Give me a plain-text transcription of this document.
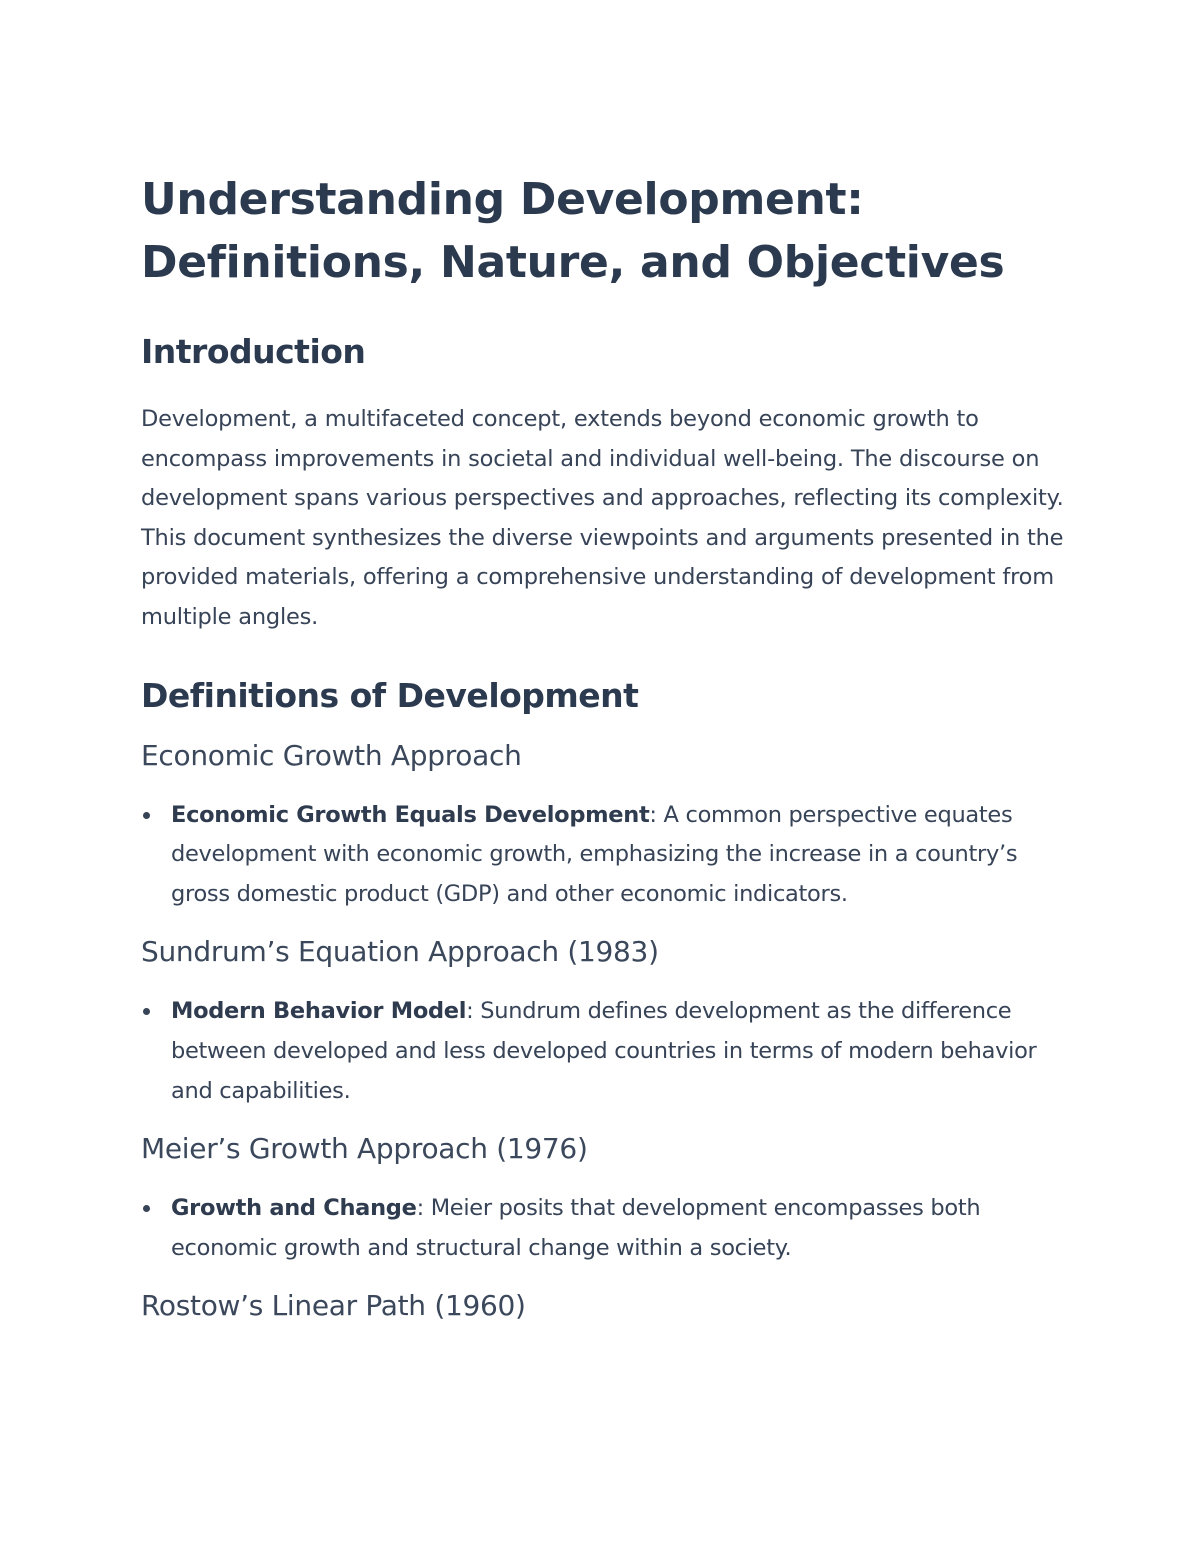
Understanding Development:
Definitions, Nature, and Objectives
Introduction

Development, a multifaceted concept, extends beyond economic growth to encompass improvements in societal and individual well-being. The discourse on development spans various perspectives and approaches, reflecting its complexity. This document synthesizes the diverse viewpoints and arguments presented in the provided materials, offering a comprehensive understanding of development from multiple angles.

Definitions of Development
Economic Growth Approach
Economic Growth Equals Development: A common perspective equates development with economic growth, emphasizing the increase in a country’s gross domestic product (GDP) and other economic indicators.
Sundrum’s Equation Approach (1983)
Modern Behavior Model: Sundrum defines development as the difference between developed and less developed countries in terms of modern behavior and capabilities.
Meier’s Growth Approach (1976)
Growth and Change: Meier posits that development encompasses both economic growth and structural change within a society.
Rostow’s Linear Path (1960)
